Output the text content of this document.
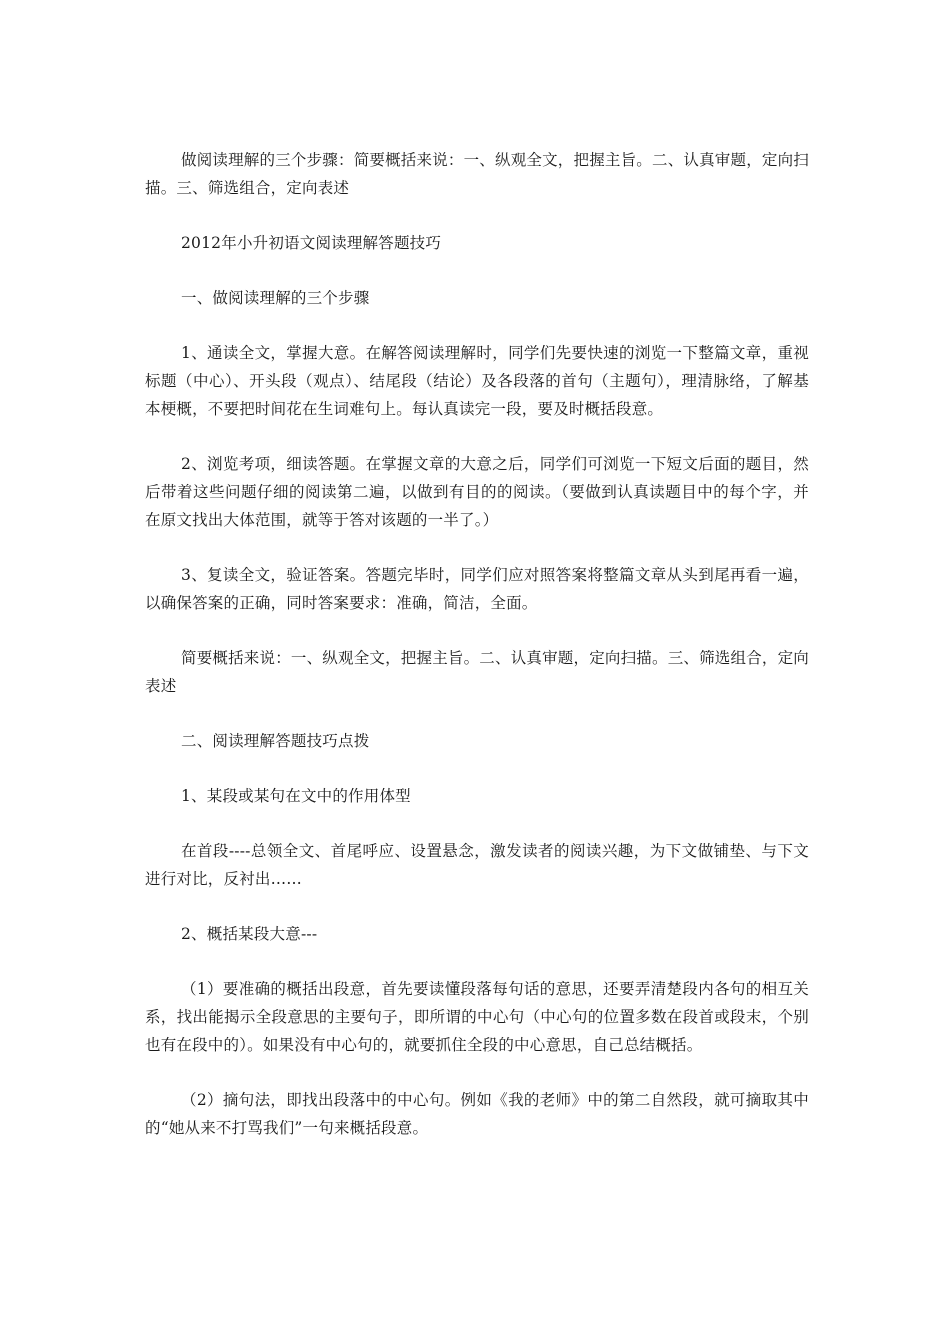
做阅读理解的三个步骤：简要概括来说：一、纵观全文，把握主旨。二、认真审题，定向扫描。三、筛选组合，定向表述

2012年小升初语文阅读理解答题技巧

一、做阅读理解的三个步骤

1、通读全文，掌握大意。在解答阅读理解时，同学们先要快速的浏览一下整篇文章，重视标题（中心）、开头段（观点）、结尾段（结论）及各段落的首句（主题句），理清脉络，了解基本梗概，不要把时间花在生词难句上。每认真读完一段，要及时概括段意。

2、浏览考项，细读答题。在掌握文章的大意之后，同学们可浏览一下短文后面的题目，然后带着这些问题仔细的阅读第二遍，以做到有目的的阅读。（要做到认真读题目中的每个字，并在原文找出大体范围，就等于答对该题的一半了。）

3、复读全文，验证答案。答题完毕时，同学们应对照答案将整篇文章从头到尾再看一遍，以确保答案的正确，同时答案要求：准确，简洁，全面。

简要概括来说：一、纵观全文，把握主旨。二、认真审题，定向扫描。三、筛选组合，定向表述

二、阅读理解答题技巧点拨

1、某段或某句在文中的作用体型

在首段----总领全文、首尾呼应、设置悬念，激发读者的阅读兴趣，为下文做铺垫、与下文进行对比，反衬出……

2、概括某段大意---

（1）要准确的概括出段意，首先要读懂段落每句话的意思，还要弄清楚段内各句的相互关系，找出能揭示全段意思的主要句子，即所谓的中心句（中心句的位置多数在段首或段末，个别也有在段中的）。如果没有中心句的，就要抓住全段的中心意思，自己总结概括。

（2）摘句法，即找出段落中的中心句。例如《我的老师》中的第二自然段，就可摘取其中的“她从来不打骂我们”一句来概括段意。
